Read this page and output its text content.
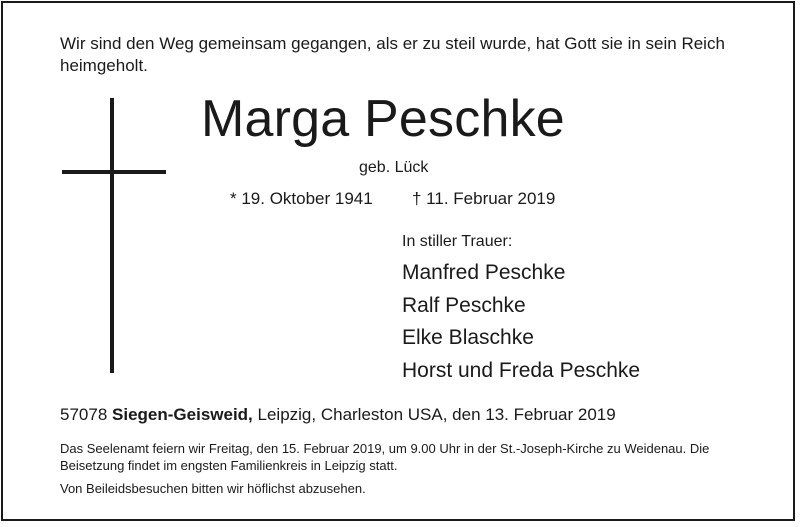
Wir sind den Weg gemeinsam gegangen, als er zu steil wurde, hat Gott sie in sein Reich heimgeholt.
Marga Peschke
geb. Lück
* 19. Oktober 1941 † 11. Februar 2019
In stiller Trauer:
Manfred Peschke
Ralf Peschke
Elke Blaschke
Horst und Freda Peschke
57078 Siegen-Geisweid, Leipzig, Charleston USA, den 13. Februar 2019
Das Seelenamt feiern wir Freitag, den 15. Februar 2019, um 9.00 Uhr in der St.-Joseph-Kirche zu Weidenau. Die Beisetzung findet im engsten Familienkreis in Leipzig statt.
Von Beileidsbesuchen bitten wir höflichst abzusehen.
